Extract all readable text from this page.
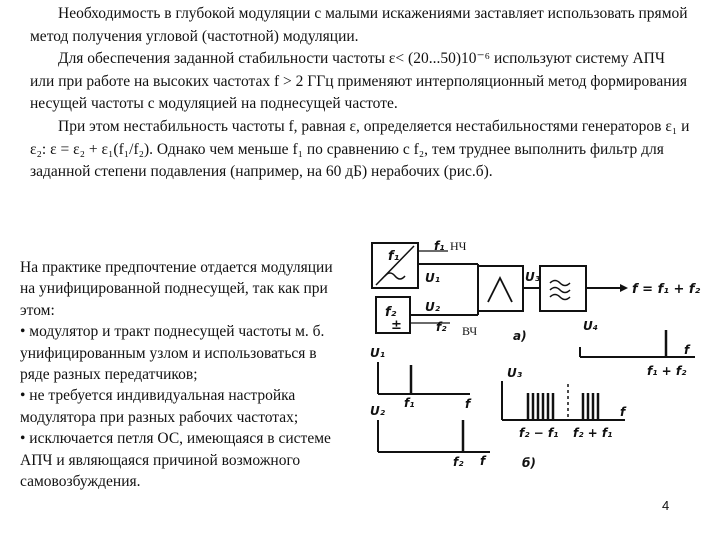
Необходимость в глубокой модуляции с малыми искажениями заставляет использовать прямой метод получения угловой (частотной) модуляции.

Для обеспечения заданной стабильности частоты ε< (20...50)10⁻⁶ используют систему АПЧ или при работе на высоких частотах f > 2 ГГц применяют интерполяционный метод формирования несущей частоты с модуляцией на поднесущей частоте.

При этом нестабильность частоты f, равная ε, определяется нестабильностями генераторов ε₁ и ε₂: ε = ε₂ + ε₁(f₁/f₂). Однако чем меньше f₁ по сравнению с f₂, тем труднее выполнить фильтр для заданной степени подавления (например, на 60 дБ) нерабочих (рис.б).

На практике предпочтение отдается модуляции на унифицированной поднесущей, так как при этом:

• модулятор и тракт поднесущей частоты м. б. унифицированным узлом и использоваться в ряде разных передатчиков;

• не требуется индивидуальная настройка модулятора при разных рабочих частотах;

• исключается петля ОС, имеющаяся в системе АПЧ и являющаяся причиной возможного самовозбуждения.

f₁
f₂
±
U₁
U₂
U₃
НЧ
ВЧ
f₁
f₂
f = f₁ + f₂
а)
U₄
f
f₁ + f₂
U₁
f₁	f
U₂
f₂ f
U₃
f
f₂ − f₁ f₂ + f₁
б)
4
